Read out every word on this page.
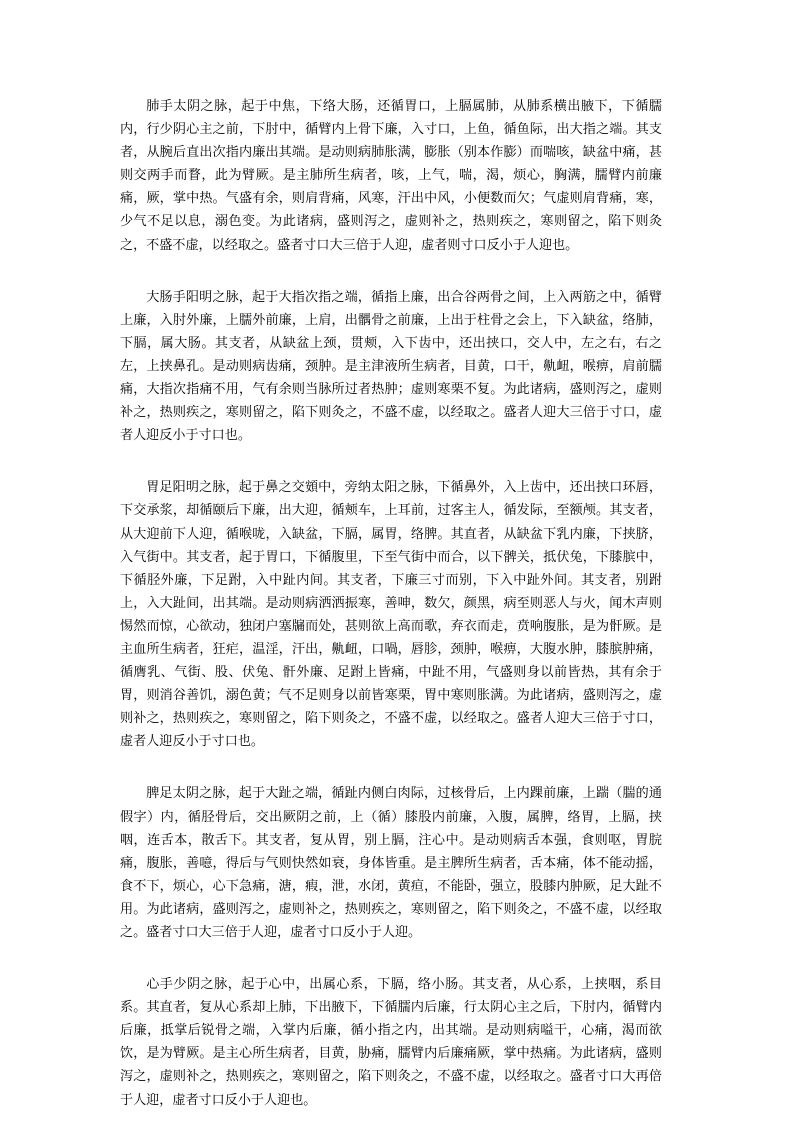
肺手太阴之脉，起于中焦，下络大肠，还循胃口，上膈属肺，从肺系横出腋下，下循臑内，行少阴心主之前，下肘中，循臂内上骨下廉，入寸口，上鱼，循鱼际，出大指之端。其支者，从腕后直出次指内廉出其端。是动则病肺胀满，膨胀（别本作膨）而喘咳，缺盆中痛，甚则交两手而瞀，此为臂厥。是主肺所生病者，咳，上气，喘，渴，烦心，胸满，臑臂内前廉痛，厥，掌中热。气盛有余，则肩背痛，风寒，汗出中风，小便数而欠；气虚则肩背痛，寒，少气不足以息，溺色变。为此诸病，盛则泻之，虚则补之，热则疾之，寒则留之，陷下则灸之，不盛不虚，以经取之。盛者寸口大三倍于人迎，虚者则寸口反小于人迎也。

大肠手阳明之脉，起于大指次指之端，循指上廉，出合谷两骨之间，上入两筋之中，循臂上廉，入肘外廉，上臑外前廉，上肩，出髃骨之前廉，上出于柱骨之会上，下入缺盆，络肺，下膈，属大肠。其支者，从缺盆上颈，贯颊，入下齿中，还出挟口，交人中，左之右，右之左，上挟鼻孔。是动则病齿痛，颈肿。是主津液所生病者，目黄，口干，鼽衄，喉痹，肩前臑痛，大指次指痛不用，气有余则当脉所过者热肿；虚则寒栗不复。为此诸病，盛则泻之，虚则补之，热则疾之，寒则留之，陷下则灸之，不盛不虚，以经取之。盛者人迎大三倍于寸口，虚者人迎反小于寸口也。

胃足阳明之脉，起于鼻之交頞中，旁纳太阳之脉，下循鼻外，入上齿中，还出挟口环唇，下交承浆，却循颐后下廉，出大迎，循颊车，上耳前，过客主人，循发际，至额颅。其支者，从大迎前下人迎，循喉咙，入缺盆，下膈，属胃，络脾。其直者，从缺盆下乳内廉，下挟脐，入气街中。其支者，起于胃口，下循腹里，下至气街中而合，以下髀关，抵伏兔，下膝膑中，下循胫外廉，下足跗，入中趾内间。其支者，下廉三寸而别，下入中趾外间。其支者，别跗上，入大趾间，出其端。是动则病洒洒振寒，善呻，数欠，颜黑，病至则恶人与火，闻木声则惕然而惊，心欲动，独闭户塞牖而处，甚则欲上高而歌，弃衣而走，贲响腹胀，是为骭厥。是主血所生病者，狂疟，温淫，汗出，鼽衄，口喎，唇胗，颈肿，喉痹，大腹水肿，膝膑肿痛，循膺乳、气街、股、伏兔、骭外廉、足跗上皆痛，中趾不用，气盛则身以前皆热，其有余于胃，则消谷善饥，溺色黄；气不足则身以前皆寒栗，胃中寒则胀满。为此诸病，盛则泻之，虚则补之，热则疾之，寒则留之，陷下则灸之，不盛不虚，以经取之。盛者人迎大三倍于寸口，虚者人迎反小于寸口也。

脾足太阴之脉，起于大趾之端，循趾内侧白肉际，过核骨后，上内踝前廉，上踹（腨的通假字）内，循胫骨后，交出厥阴之前，上（循）膝股内前廉，入腹，属脾，络胃，上膈，挟咽，连舌本，散舌下。其支者，复从胃，别上膈，注心中。是动则病舌本强，食则呕，胃脘痛，腹胀，善噫，得后与气则快然如衰，身体皆重。是主脾所生病者，舌本痛，体不能动摇，食不下，烦心，心下急痛，溏，瘕，泄，水闭，黄疸，不能卧，强立，股膝内肿厥，足大趾不用。为此诸病，盛则泻之，虚则补之，热则疾之，寒则留之，陷下则灸之，不盛不虚，以经取之。盛者寸口大三倍于人迎，虚者寸口反小于人迎。

心手少阴之脉，起于心中，出属心系，下膈，络小肠。其支者，从心系，上挟咽，系目系。其直者，复从心系却上肺，下出腋下，下循臑内后廉，行太阴心主之后，下肘内，循臂内后廉，抵掌后锐骨之端，入掌内后廉，循小指之内，出其端。是动则病嗌干，心痛，渴而欲饮，是为臂厥。是主心所生病者，目黄，胁痛，臑臂内后廉痛厥，掌中热痛。为此诸病，盛则泻之，虚则补之，热则疾之，寒则留之，陷下则灸之，不盛不虚，以经取之。盛者寸口大再倍于人迎，虚者寸口反小于人迎也。
